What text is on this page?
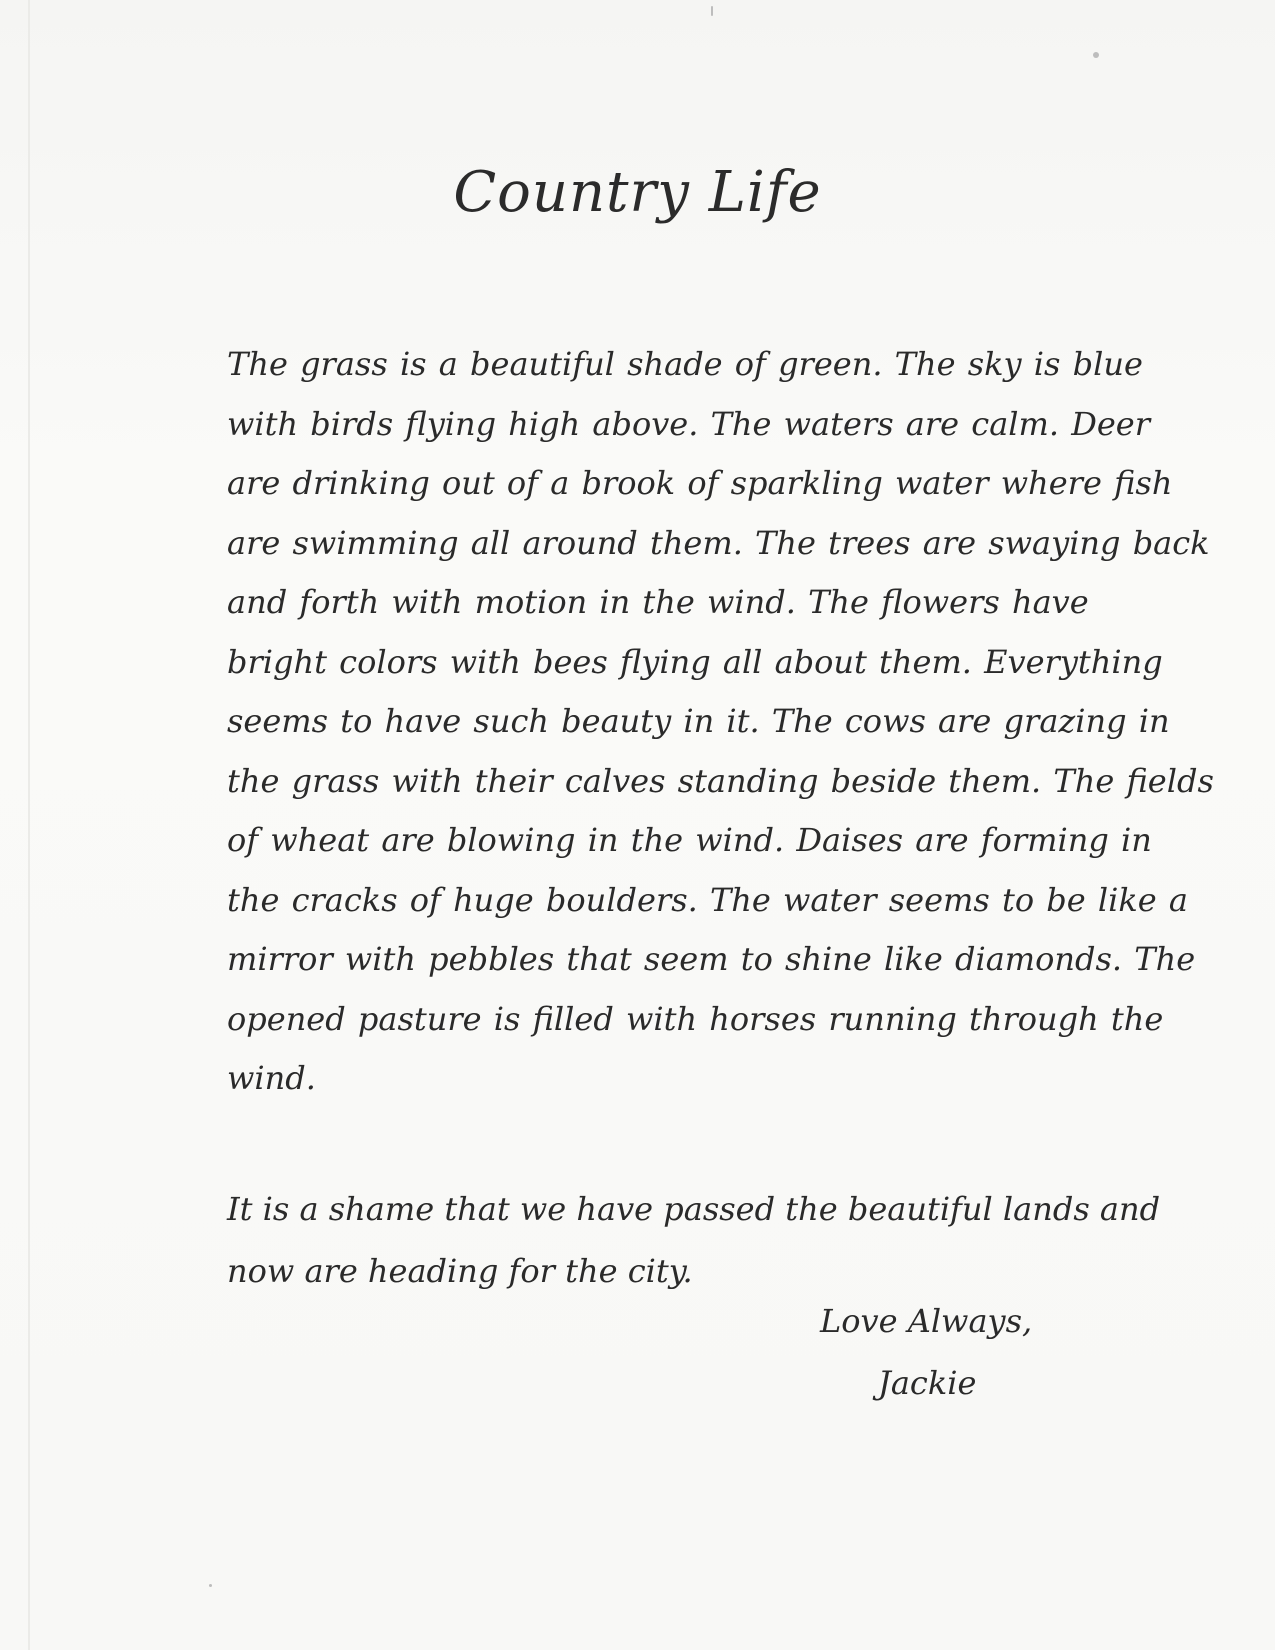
Country Life
The grass is a beautiful shade of green. The sky is blue
with birds flying high above. The waters are calm. Deer
are drinking out of a brook of sparkling water where fish
are swimming all around them. The trees are swaying back
and forth with motion in the wind. The flowers have
bright colors with bees flying all about them. Everything
seems to have such beauty in it. The cows are grazing in
the grass with their calves standing beside them. The fields
of wheat are blowing in the wind. Daises are forming in
the cracks of huge boulders. The water seems to be like a
mirror with pebbles that seem to shine like diamonds. The
opened pasture is filled with horses running through the
wind.
It is a shame that we have passed the beautiful lands and
now are heading for the city.
Love Always,
Jackie
